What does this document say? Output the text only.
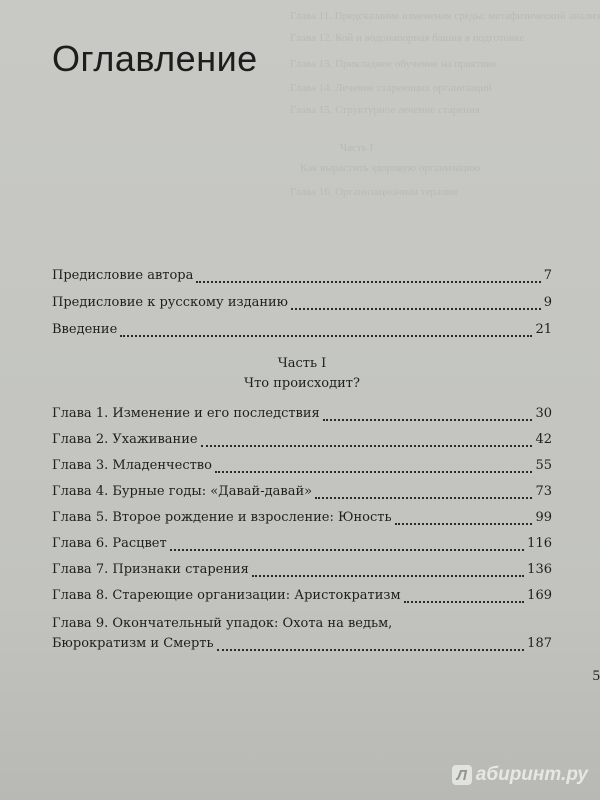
Глава 11. Предсказание изменения среды: метафизический анализ
Глава 12. Кой и водонапорная башня в подготовке
Глава 13. Прикладное обучение на практике
Глава 14. Лечение стареющих организаций
Глава 15. Структурное лечение старения
Часть I
Как вырастить здоровую организацию
Глава 16. Организационная терапия
Оглавление
Предисловие автора	7
Предисловие к русскому изданию	9
Введение	21
Часть I
Что происходит?
Глава 1. Изменение и его последствия	30
Глава 2. Ухаживание	42
Глава 3. Младенчество	55
Глава 4. Бурные годы: «Давай-давай»	73
Глава 5. Второе рождение и взросление: Юность	99
Глава 6. Расцвет	116
Глава 7. Признаки старения	136
Глава 8. Стареющие организации: Аристократизм	169
Глава 9. Окончательный упадок: Охота на ведьм,
Бюрократизм и Смерть	187
5
Л абиринт.ру
